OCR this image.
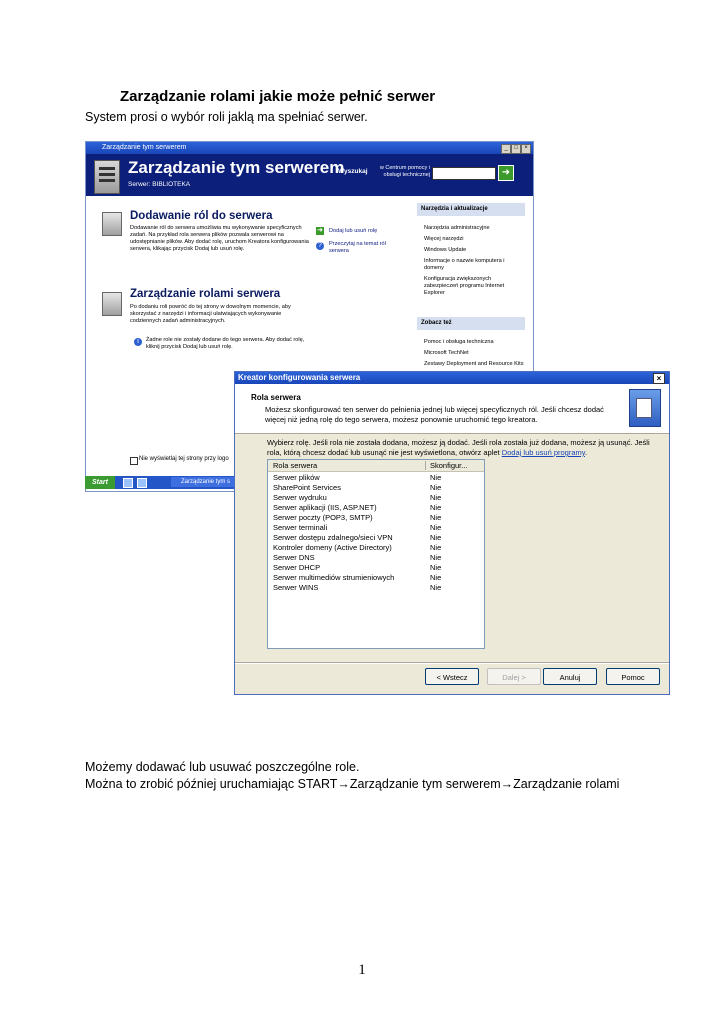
Zarządzanie rolami jakie może pełnić serwer
System prosi o wybór roli jaklą ma spełniać serwer.
Zarządzanie tym serwerem	_	□	×
Zarządzanie tym serwerem
Serwer: BIBLIOTEKA
Wyszukaj	w Centrum pomocy i obsługi technicznej	➜
Dodawanie ról do serwera
Dodawanie ról do serwera umożliwia mu wykonywanie specyficznych zadań. Na przykład rola serwera plików pozwala serwerowi na udostępnianie plików. Aby dodać rolę, uruchom Kreatora konfigurowania serwera, klikając przycisk Dodaj lub usuń rolę.
➜ Dodaj lub usuń rolę
?	Przeczytaj na temat ról serwera
Zarządzanie rolami serwera
Po dodaniu roli powróć do tej strony w dowolnym momencie, aby skorzystać z narzędzi i informacji ułatwiających wykonywanie codziennych zadań administracyjnych.
i	Żadne role nie zostały dodane do tego serwera. Aby dodać rolę, kliknij przycisk Dodaj lub usuń rolę.
Narzędzia i aktualizacje
Narzędzia administracyjne
Więcej narzędzi
Windows Update
Informacje o nazwie komputera i domeny
Konfiguracja zwiększonych zabezpieczeń programu Internet Explorer
Zobacz też
Pomoc i obsługa techniczna
Microsoft TechNet
Zestawy Deployment and Resource Kits
Nie wyświetlaj tej strony przy logo
Start	Zarządzanie tym s
Kreator konfigurowania serwera	×
Rola serwera
Możesz skonfigurować ten serwer do pełnienia jednej lub więcej specyficznych ról. Jeśli chcesz dodać więcej niż jedną rolę do tego serwera, możesz ponownie uruchomić tego kreatora.
Wybierz rolę. Jeśli rola nie została dodana, możesz ją dodać. Jeśli rola została już dodana, możesz ją usunąć. Jeśli rola, którą chcesz dodać lub usunąć nie jest wyświetlona, otwórz aplet Dodaj lub usuń programy.
Rola serwera	Skonfigur...
Serwer plików	Nie
SharePoint Services	Nie
Serwer wydruku	Nie
Serwer aplikacji (IIS, ASP.NET)	Nie
Serwer poczty (POP3, SMTP)	Nie
Serwer terminali	Nie
Serwer dostępu zdalnego/sieci VPN	Nie
Kontroler domeny (Active Directory)	Nie
Serwer DNS	Nie
Serwer DHCP	Nie
Serwer multimediów strumieniowych	Nie
Serwer WINS	Nie
< Wstecz	Dalej >	Anuluj	Pomoc
Możemy dodawać lub usuwać poszczególne role.
Można to zrobić później uruchamiając START→Zarządzanie tym serwerem→Zarządzanie rolami
1
